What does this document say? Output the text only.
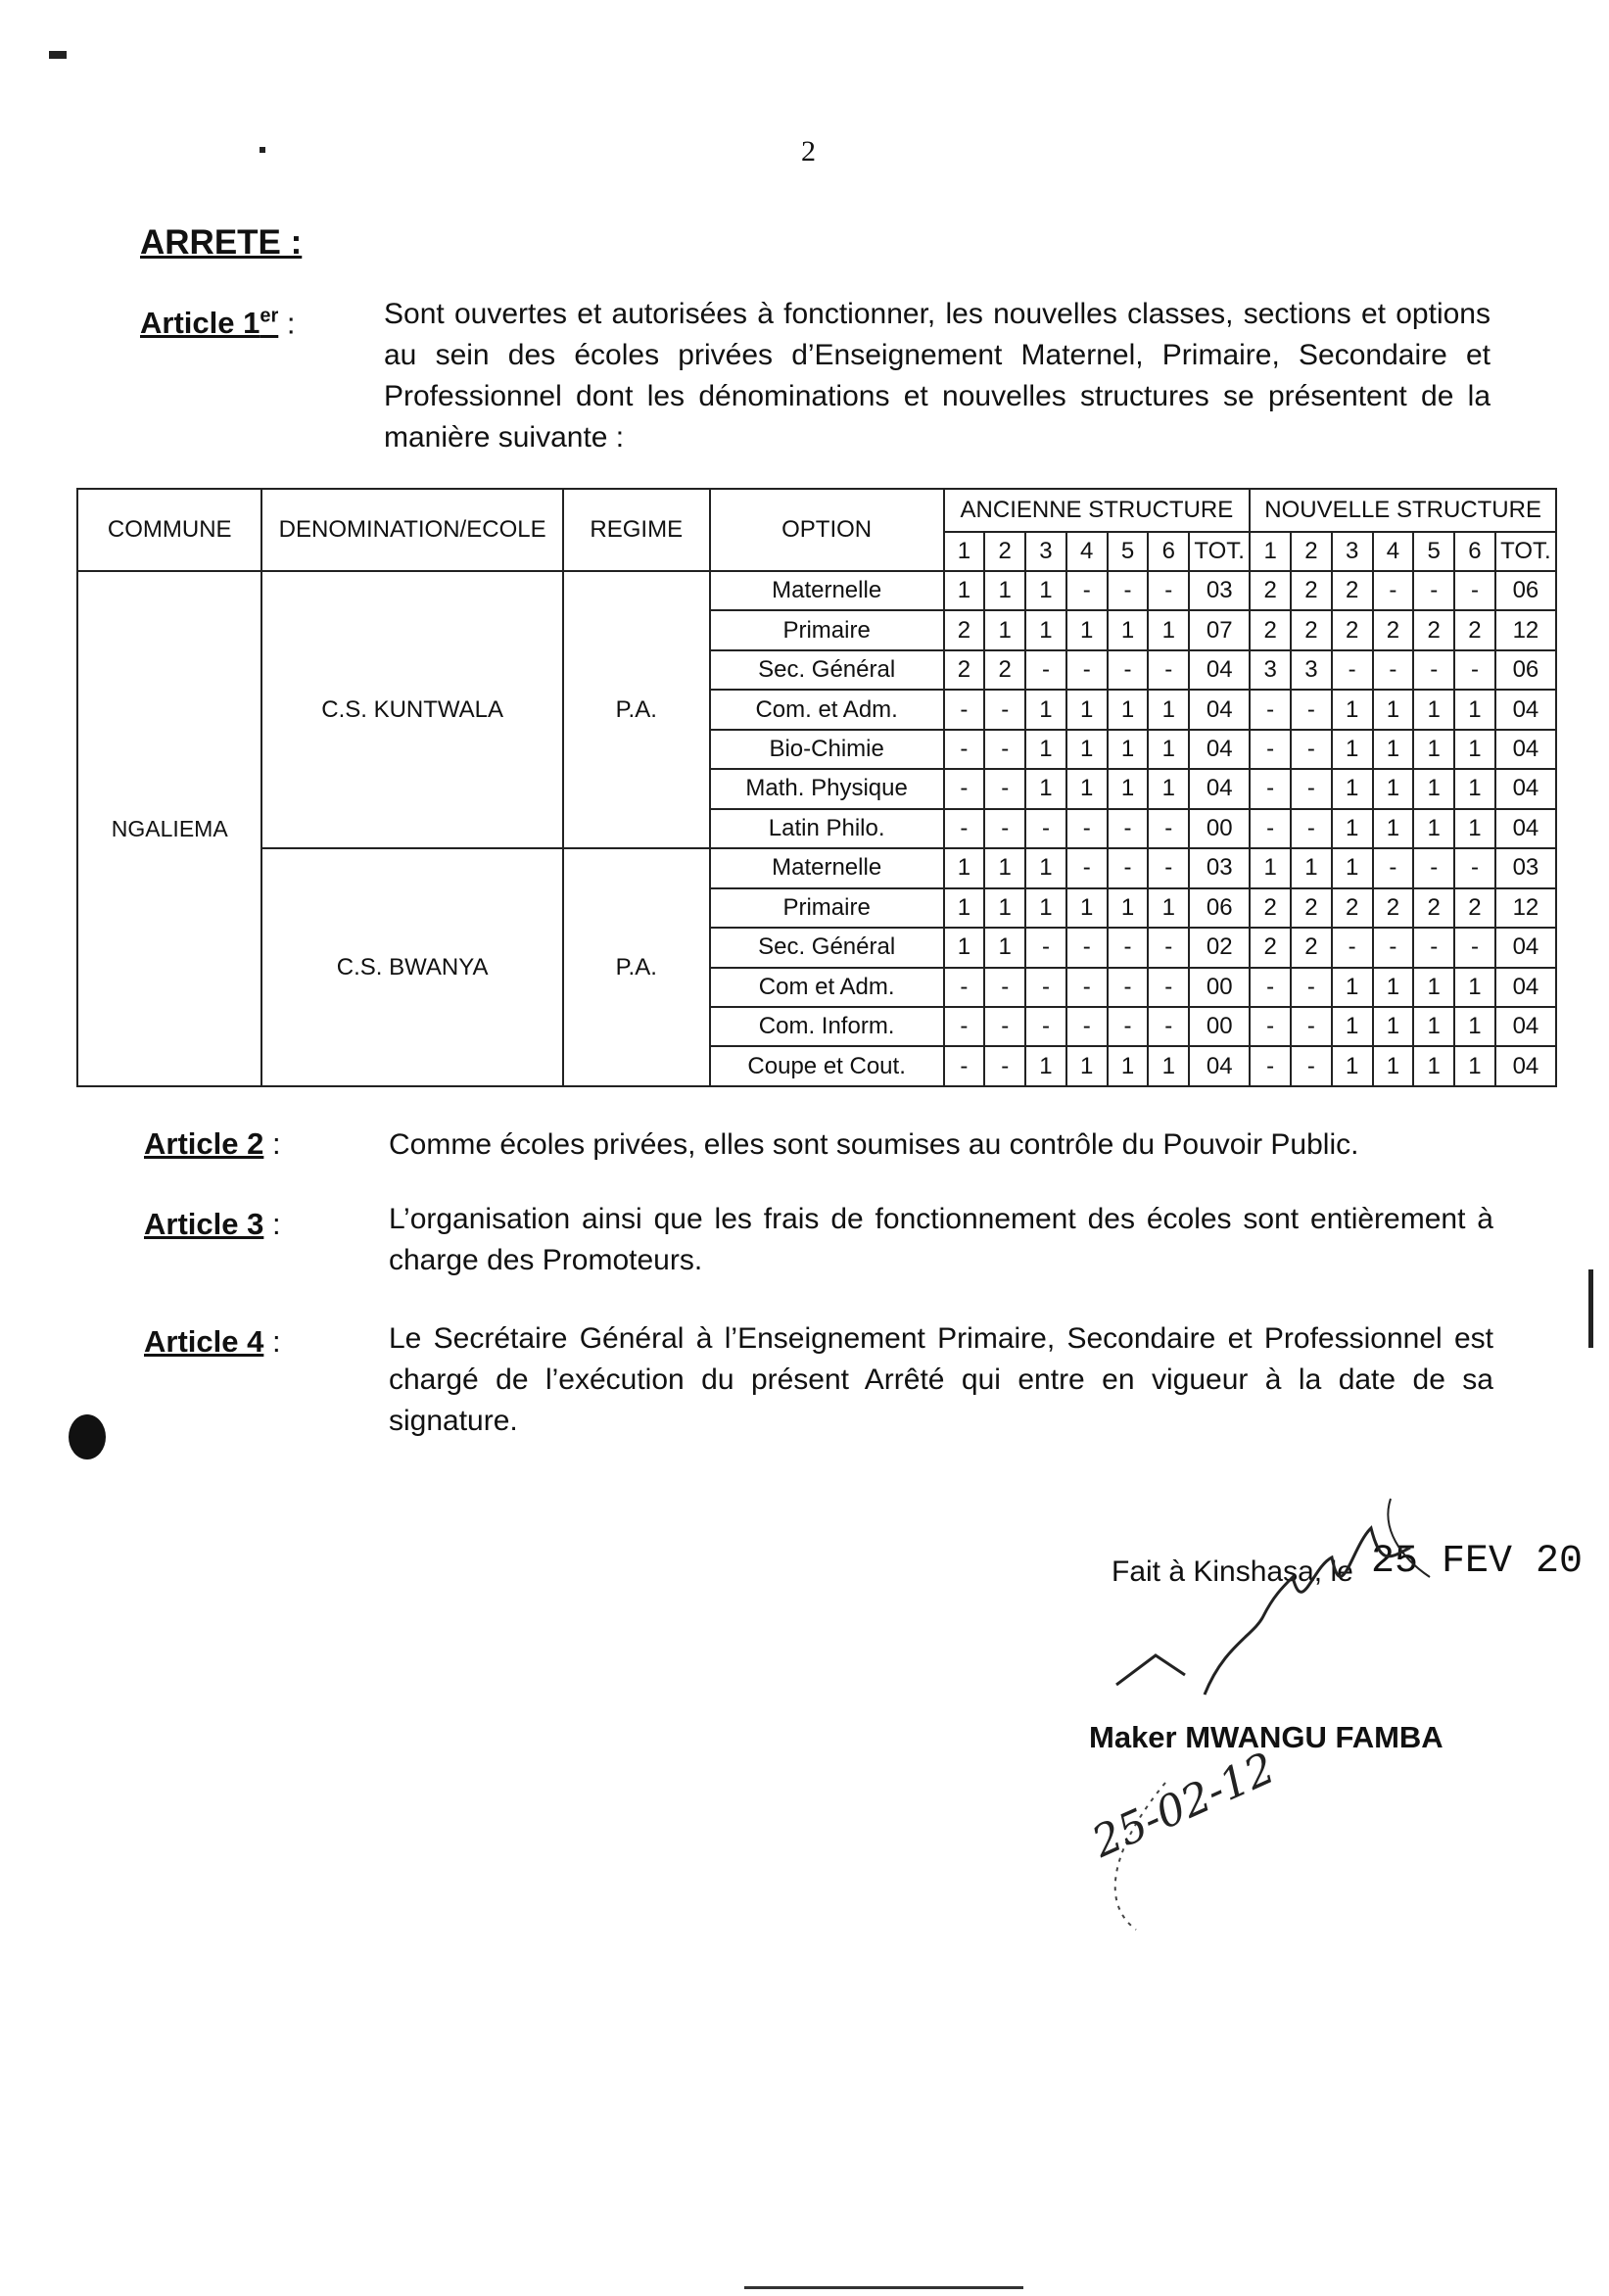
2
ARRETE :
Article 1er :	Sont ouvertes et autorisées à fonctionner, les nouvelles classes, sections et options au sein des écoles privées d’Enseignement Maternel, Primaire, Secondaire et Professionnel dont les dénominations et nouvelles structures se présentent de la manière suivante :
COMMUNE	DENOMINATION/ECOLE	REGIME	OPTION	ANCIENNE STRUCTURE							NOUVELLE STRUCTURE						
				1	2	3	4	5	6	TOT.	1	2	3	4	5	6	TOT.
NGALIEMA	C.S. KUNTWALA	P.A.	Maternelle	1	1	1	-	-	-	03	2	2	2	-	-	-	06
			Primaire	2	1	1	1	1	1	07	2	2	2	2	2	2	12
			Sec. Général	2	2	-	-	-	-	04	3	3	-	-	-	-	06
			Com. et Adm.	-	-	1	1	1	1	04	-	-	1	1	1	1	04
			Bio-Chimie	-	-	1	1	1	1	04	-	-	1	1	1	1	04
			Math. Physique	-	-	1	1	1	1	04	-	-	1	1	1	1	04
			Latin Philo.	-	-	-	-	-	-	00	-	-	1	1	1	1	04
	C.S. BWANYA	P.A.	Maternelle	1	1	1	-	-	-	03	1	1	1	-	-	-	03
			Primaire	1	1	1	1	1	1	06	2	2	2	2	2	2	12
			Sec. Général	1	1	-	-	-	-	02	2	2	-	-	-	-	04
			Com et Adm.	-	-	-	-	-	-	00	-	-	1	1	1	1	04
			Com. Inform.	-	-	-	-	-	-	00	-	-	1	1	1	1	04
			Coupe et Cout.	-	-	1	1	1	1	04	-	-	1	1	1	1	04
Article 2 :	Comme écoles privées, elles sont soumises au contrôle du Pouvoir Public.
Article 3 :	L’organisation ainsi que les frais de fonctionnement des écoles sont entièrement à charge des Promoteurs.
Article 4 :	Le Secrétaire Général à l’Enseignement Primaire, Secondaire et Professionnel est chargé de l’exécution du présent Arrêté qui entre en vigueur à la date de sa signature.
Fait à Kinshasa, le 25 FEV 20
Maker MWANGU FAMBA
25-02-12
